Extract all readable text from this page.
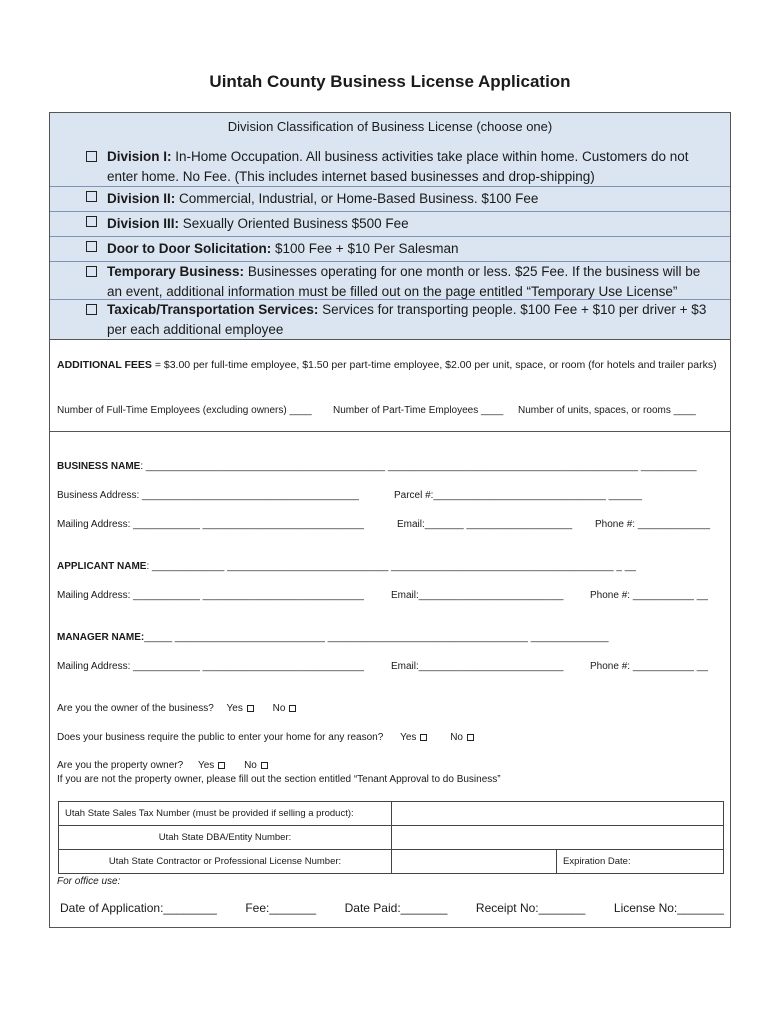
Uintah County Business License Application
Division Classification of Business License (choose one)
Division I: In-Home Occupation. All business activities take place within home. Customers do not enter home. No Fee. (This includes internet based businesses and drop-shipping)
Division II: Commercial, Industrial, or Home-Based Business. $100 Fee
Division III: Sexually Oriented Business $500 Fee
Door to Door Solicitation: $100 Fee + $10 Per Salesman
Temporary Business: Businesses operating for one month or less. $25 Fee. If the business will be an event, additional information must be filled out on the page entitled “Temporary Use License”
Taxicab/Transportation Services: Services for transporting people. $100 Fee + $10 per driver + $3 per each additional employee
ADDITIONAL FEES = $3.00 per full-time employee, $1.50 per part-time employee, $2.00 per unit, space, or room (for hotels and trailer parks)
Number of Full-Time Employees (excluding owners) ____ Number of Part-Time Employees ____ Number of units, spaces, or rooms ____
BUSINESS NAME: ___________________________________________ _____________________________________________ __________
Business Address: _______________________________________	Parcel #:_______________________________ ______
Mailing Address: ____________ _____________________________	Email:_______ ___________________ Phone #: _____________
APPLICANT NAME: _____________ _____________________________ ________________________________________ _ __
Mailing Address: ____________ _____________________________	Email:__________________________	Phone #: ___________ __
MANAGER NAME:_____ ___________________________ ____________________________________ ______________
Mailing Address: ____________ _____________________________	Email:__________________________	Phone #: ___________ __
Are you the owner of the business? Yes	No
Does your business require the public to enter your home for any reason? Yes	No
Are you the property owner? Yes	No
If you are not the property owner, please fill out the section entitled “Tenant Approval to do Business”
Utah State Sales Tax Number (must be provided if selling a product):		
Utah State DBA/Entity Number:		
Utah State Contractor or Professional License Number:		Expiration Date:
For office use:
Date of Application:________ Fee:_______ Date Paid:_______ Receipt No:_______ License No:_______
